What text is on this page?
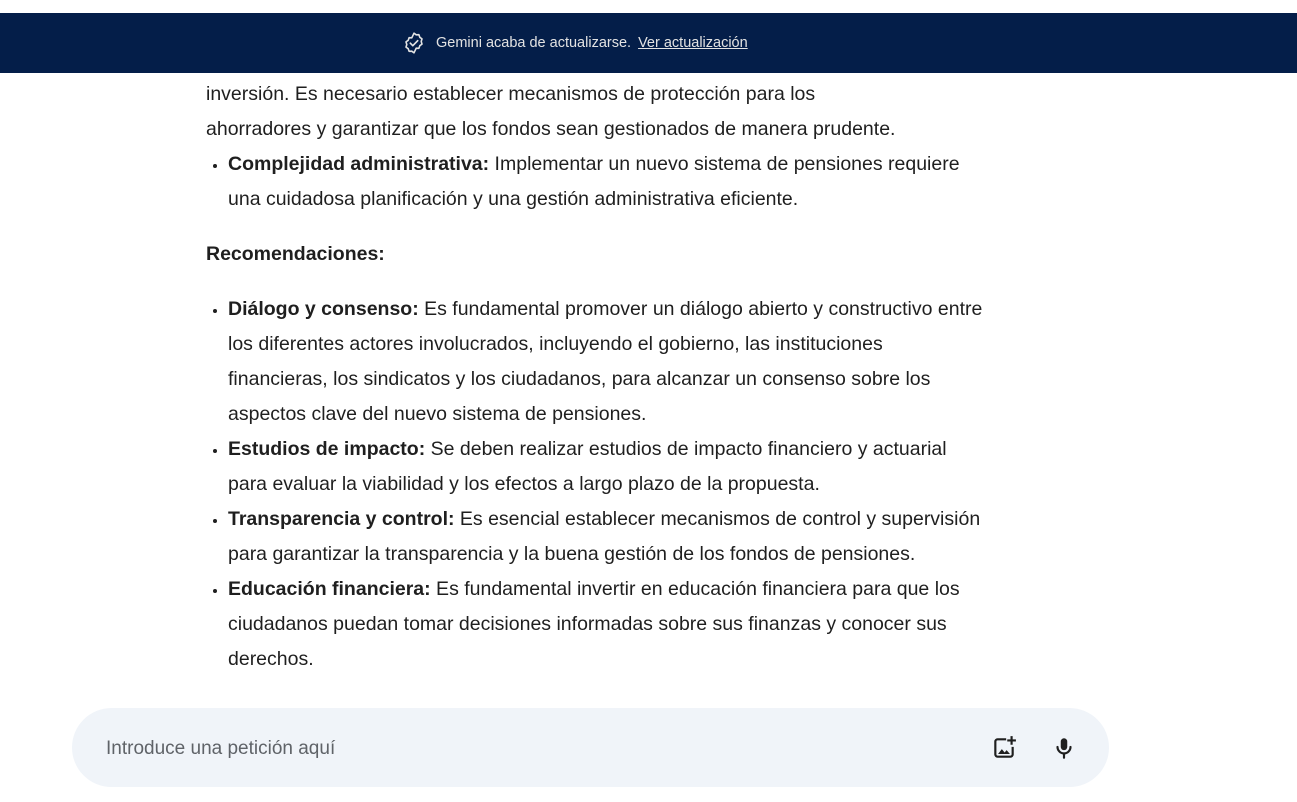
Gemini acaba de actualizarse. Ver actualización

inversión. Es necesario establecer mecanismos de protección para los
ahorradores y garantizar que los fondos sean gestionados de manera prudente.

• Complejidad administrativa: Implementar un nuevo sistema de pensiones requiere una cuidadosa planificación y una gestión administrativa eficiente.

Recomendaciones:

• Diálogo y consenso: Es fundamental promover un diálogo abierto y constructivo entre los diferentes actores involucrados, incluyendo el gobierno, las instituciones financieras, los sindicatos y los ciudadanos, para alcanzar un consenso sobre los aspectos clave del nuevo sistema de pensiones.
• Estudios de impacto: Se deben realizar estudios de impacto financiero y actuarial para evaluar la viabilidad y los efectos a largo plazo de la propuesta.
• Transparencia y control: Es esencial establecer mecanismos de control y supervisión para garantizar la transparencia y la buena gestión de los fondos de pensiones.
• Educación financiera: Es fundamental invertir en educación financiera para que los ciudadanos puedan tomar decisiones informadas sobre sus finanzas y conocer sus derechos.
Introduce una petición aquí
